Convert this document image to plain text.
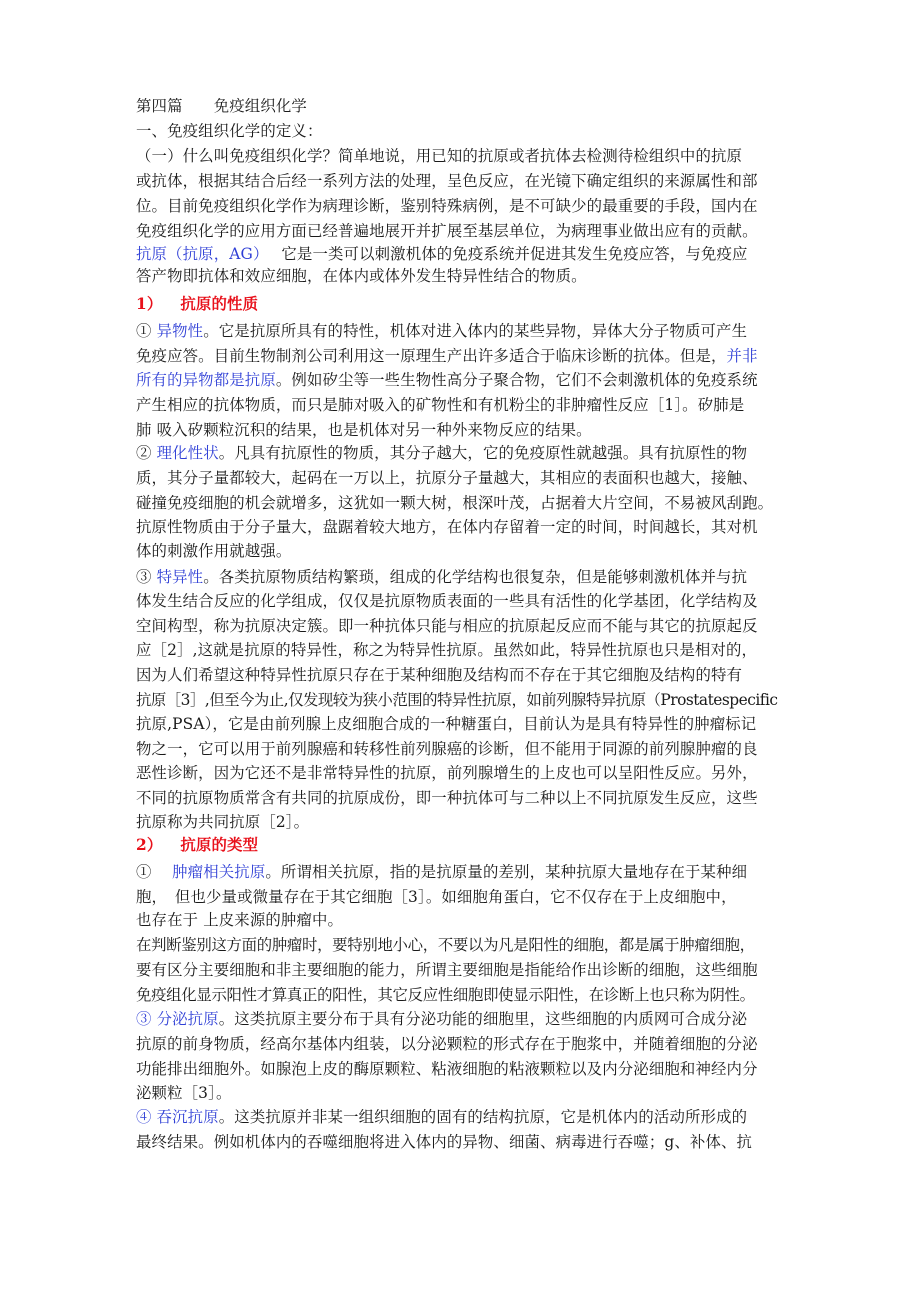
第四篇　　免疫组织化学
一、免疫组织化学的定义：
（一）什么叫免疫组织化学？简单地说，用已知的抗原或者抗体去检测待检组织中的抗原
或抗体，根据其结合后经一系列方法的处理，呈色反应，在光镜下确定组织的来源属性和部
位。目前免疫组织化学作为病理诊断，鉴别特殊病例，是不可缺少的最重要的手段，国内在
免疫组织化学的应用方面已经普遍地展开并扩展至基层单位，为病理事业做出应有的贡献。
抗原（抗原，AG）　 它是一类可以刺激机体的免疫系统并促进其发生免疫应答，与免疫应
答产物即抗体和效应细胞，在体内或体外发生特异性结合的物质。
1） 抗原的性质
① 异物性。它是抗原所具有的特性，机体对进入体内的某些异物，异体大分子物质可产生
免疫应答。目前生物制剂公司利用这一原理生产出许多适合于临床诊断的抗体。但是，并非
所有的异物都是抗原。例如矽尘等一些生物性高分子聚合物，它们不会刺激机体的免疫系统
产生相应的抗体物质，而只是肺对吸入的矿物性和有机粉尘的非肿瘤性反应［1］。矽肺是
肺 吸入矽颗粒沉积的结果，也是机体对另一种外来物反应的结果。
② 理化性状。凡具有抗原性的物质，其分子越大，它的免疫原性就越强。具有抗原性的物
质，其分子量都较大，起码在一万以上，抗原分子量越大，其相应的表面积也越大，接触、
碰撞免疫细胞的机会就增多，这犹如一颗大树，根深叶茂，占据着大片空间，不易被风刮跑。
抗原性物质由于分子量大，盘踞着较大地方，在体内存留着一定的时间，时间越长，其对机
体的刺激作用就越强。
③ 特异性。各类抗原物质结构繁琐，组成的化学结构也很复杂，但是能够刺激机体并与抗
体发生结合反应的化学组成，仅仅是抗原物质表面的一些具有活性的化学基团，化学结构及
空间构型，称为抗原决定簇。即一种抗体只能与相应的抗原起反应而不能与其它的抗原起反
应［2］,这就是抗原的特异性，称之为特异性抗原。虽然如此，特异性抗原也只是相对的，
因为人们希望这种特异性抗原只存在于某种细胞及结构而不存在于其它细胞及结构的特有
抗原［3］,但至今为止,仅发现较为狭小范围的特异性抗原，如前列腺特异抗原（Prostatespecific
抗原,PSA），它是由前列腺上皮细胞合成的一种糖蛋白，目前认为是具有特异性的肿瘤标记
物之一，它可以用于前列腺癌和转移性前列腺癌的诊断，但不能用于同源的前列腺肿瘤的良
恶性诊断，因为它还不是非常特异性的抗原，前列腺增生的上皮也可以呈阳性反应。另外，
不同的抗原物质常含有共同的抗原成份，即一种抗体可与二种以上不同抗原发生反应，这些
抗原称为共同抗原［2］。
2） 抗原的类型
①　 肿瘤相关抗原。所谓相关抗原，指的是抗原量的差别，某种抗原大量地存在于某种细
胞，　但也少量或微量存在于其它细胞［3］。如细胞角蛋白，它不仅存在于上皮细胞中，
也存在于 上皮来源的肿瘤中。
在判断鉴别这方面的肿瘤时，要特别地小心，不要以为凡是阳性的细胞，都是属于肿瘤细胞，
要有区分主要细胞和非主要细胞的能力，所谓主要细胞是指能给作出诊断的细胞，这些细胞
免疫组化显示阳性才算真正的阳性，其它反应性细胞即使显示阳性，在诊断上也只称为阴性。
③ 分泌抗原。这类抗原主要分布于具有分泌功能的细胞里，这些细胞的内质网可合成分泌
抗原的前身物质，经高尔基体内组装，以分泌颗粒的形式存在于胞浆中，并随着细胞的分泌
功能排出细胞外。如腺泡上皮的酶原颗粒、粘液细胞的粘液颗粒以及内分泌细胞和神经内分
泌颗粒［3］。
④ 吞沉抗原。这类抗原并非某一组织细胞的固有的结构抗原，它是机体内的活动所形成的
最终结果。例如机体内的吞噬细胞将进入体内的异物、细菌、病毒进行吞噬；g、补体、抗
